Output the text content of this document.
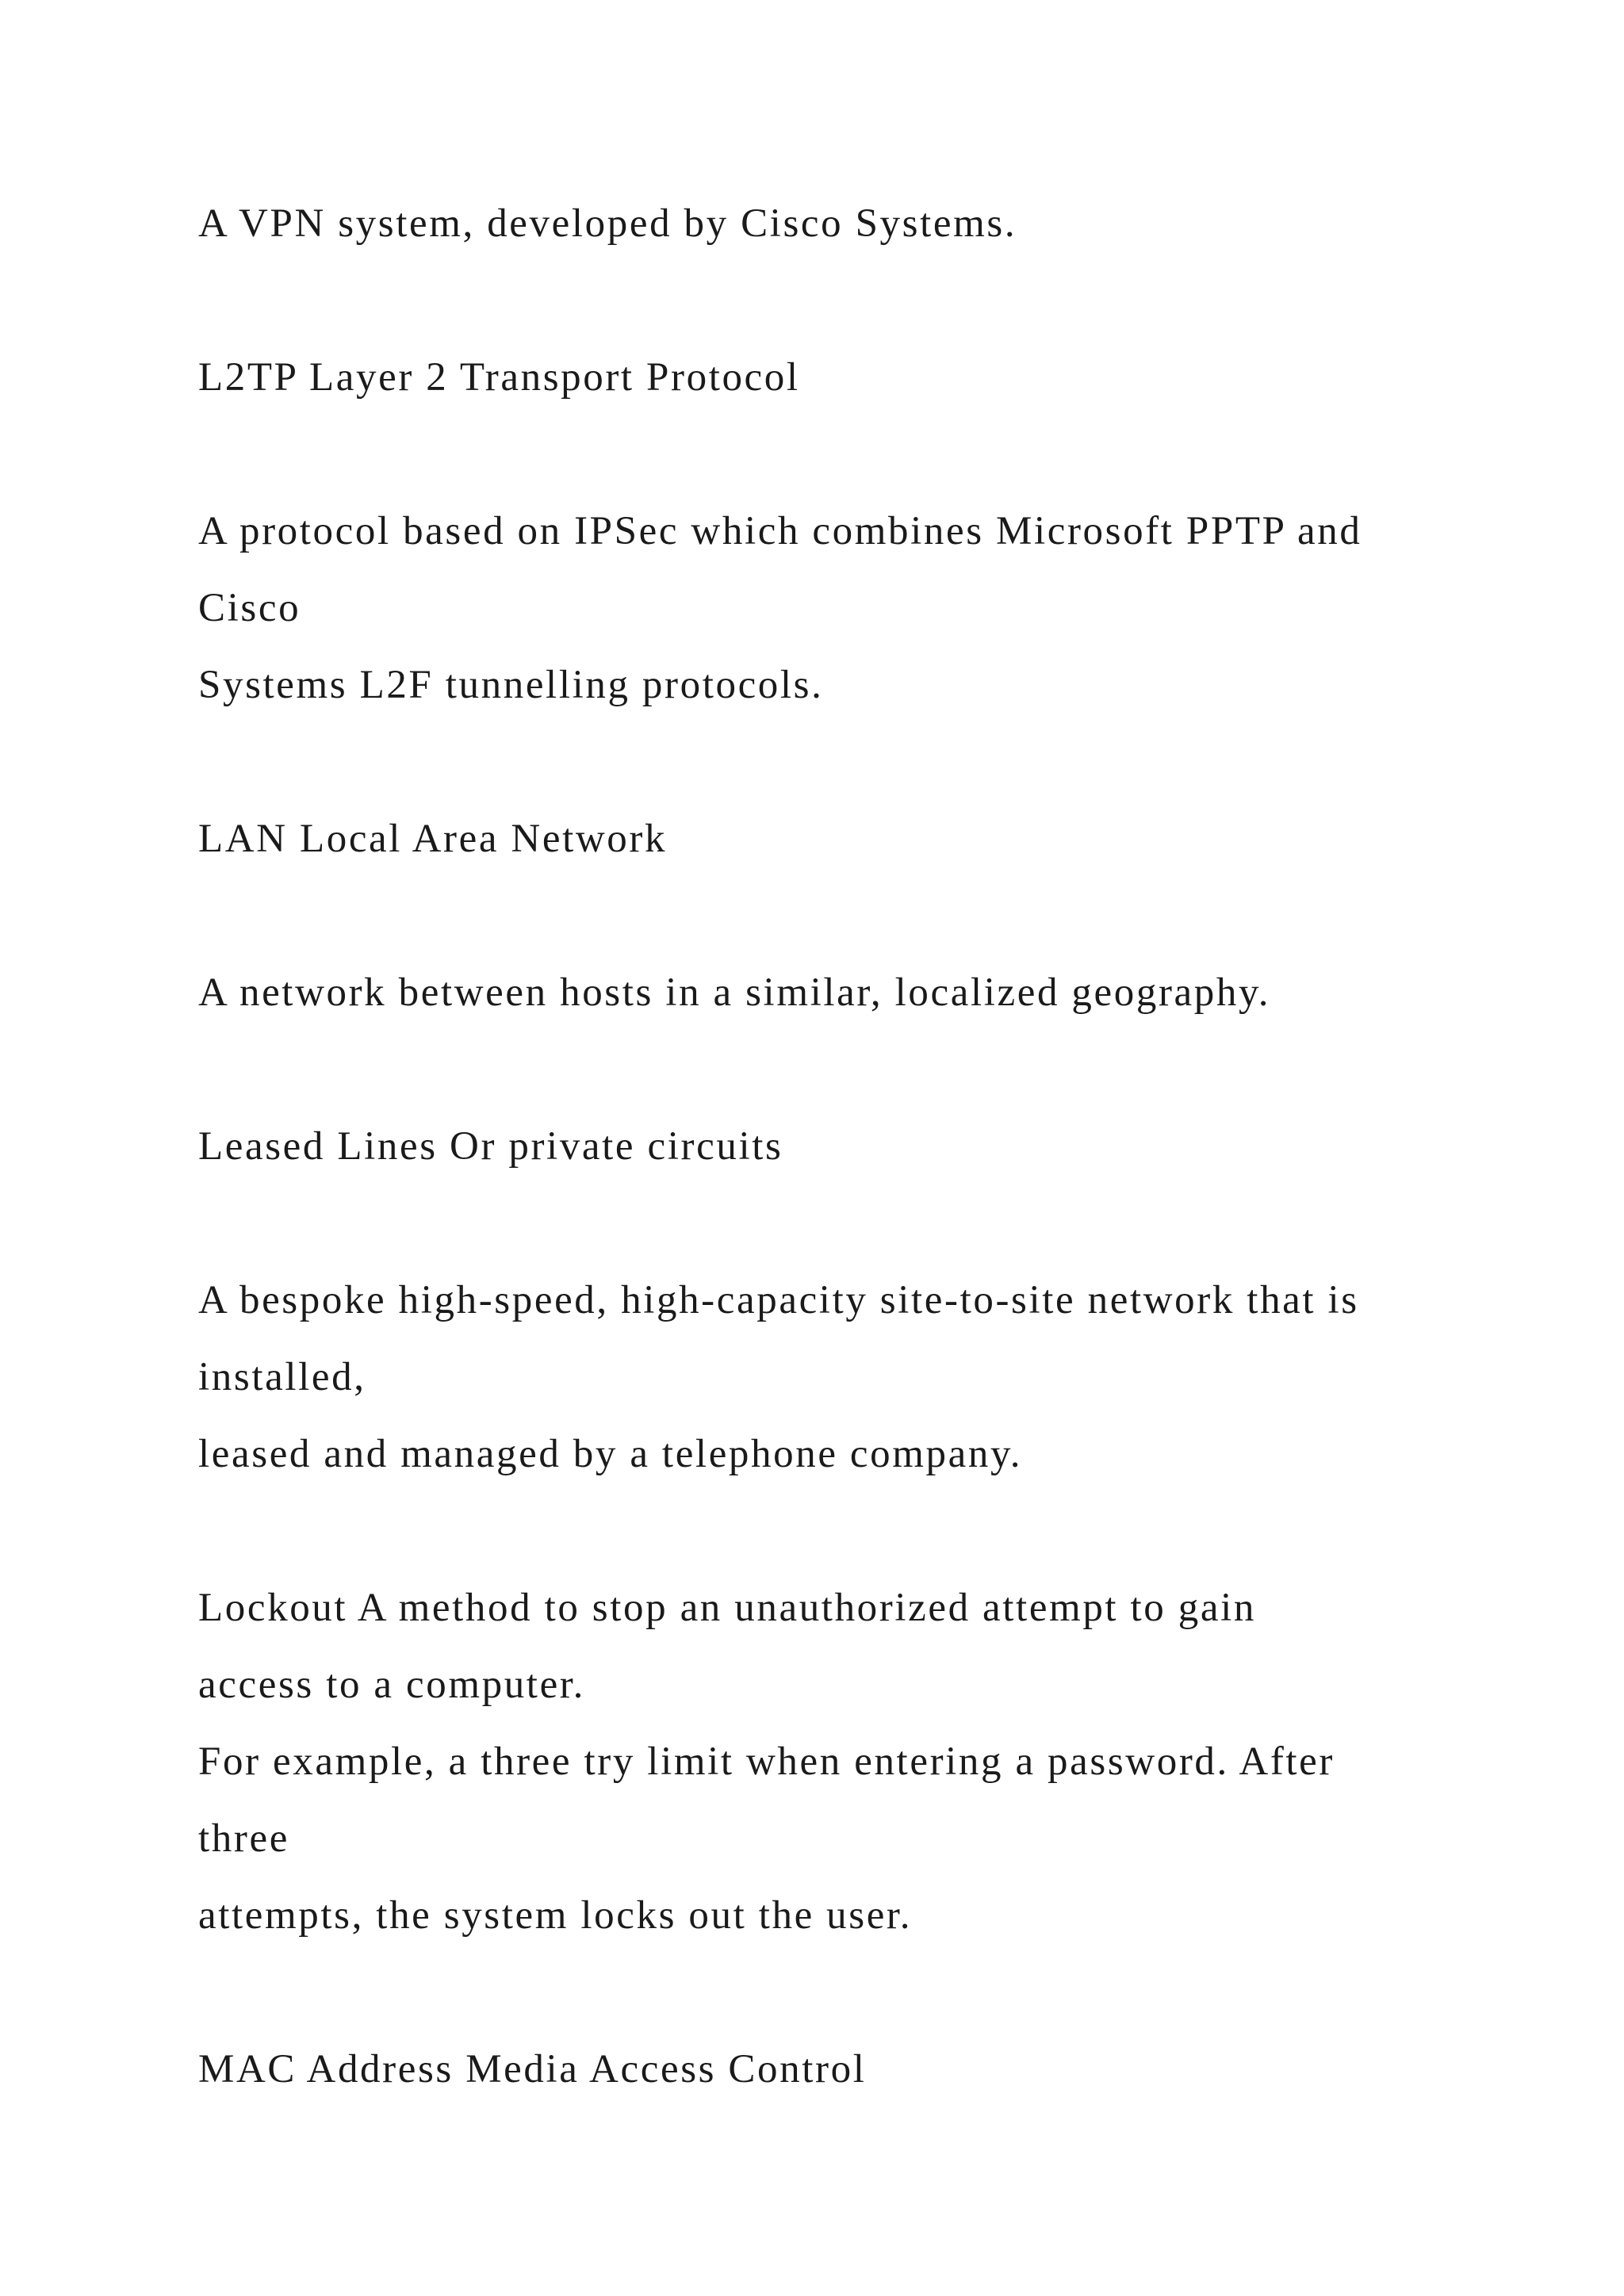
A VPN system, developed by Cisco Systems.

L2TP Layer 2 Transport Protocol

A protocol based on IPSec which combines Microsoft PPTP and

Cisco

Systems L2F tunnelling protocols.

LAN Local Area Network

A network between hosts in a similar, localized geography.

Leased Lines Or private circuits

A bespoke high-speed, high-capacity site-to-site network that is

installed,

leased and managed by a telephone company.

Lockout A method to stop an unauthorized attempt to gain

access to a computer.

For example, a three try limit when entering a password. After

three

attempts, the system locks out the user.

MAC Address Media Access Control
